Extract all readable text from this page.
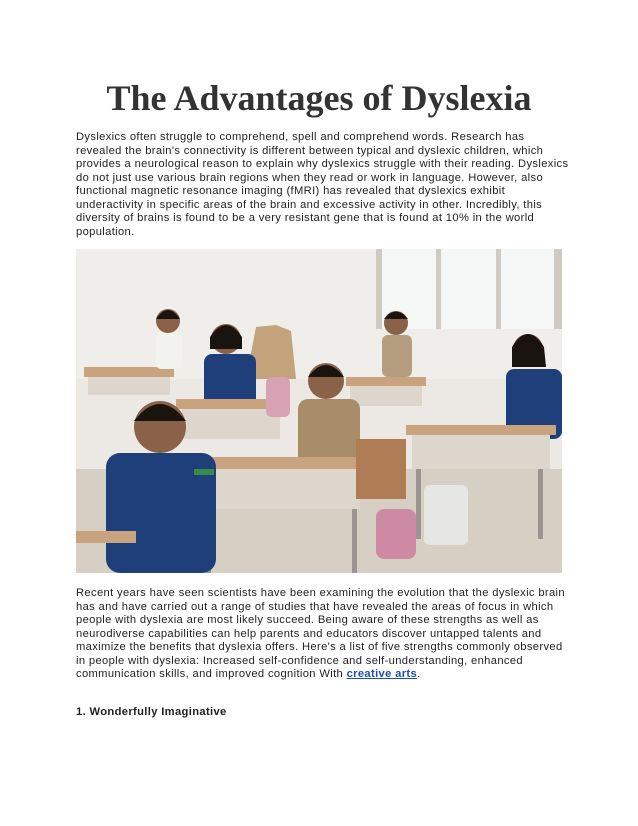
The Advantages of Dyslexia

Dyslexics often struggle to comprehend, spell and comprehend words. Research has revealed the brain's connectivity is different between typical and dyslexic children, which provides a neurological reason to explain why dyslexics struggle with their reading. Dyslexics do not just use various brain regions when they read or work in language. However, also functional magnetic resonance imaging (fMRI) has revealed that dyslexics exhibit underactivity in specific areas of the brain and excessive activity in other. Incredibly, this diversity of brains is found to be a very resistant gene that is found at 10% in the world population.

Recent years have seen scientists have been examining the evolution that the dyslexic brain has and have carried out a range of studies that have revealed the areas of focus in which people with dyslexia are most likely succeed. Being aware of these strengths as well as neurodiverse capabilities can help parents and educators discover untapped talents and maximize the benefits that dyslexia offers. Here's a list of five strengths commonly observed in people with dyslexia: Increased self-confidence and self-understanding, enhanced communication skills, and improved cognition With creative arts.

1. Wonderfully Imaginative
